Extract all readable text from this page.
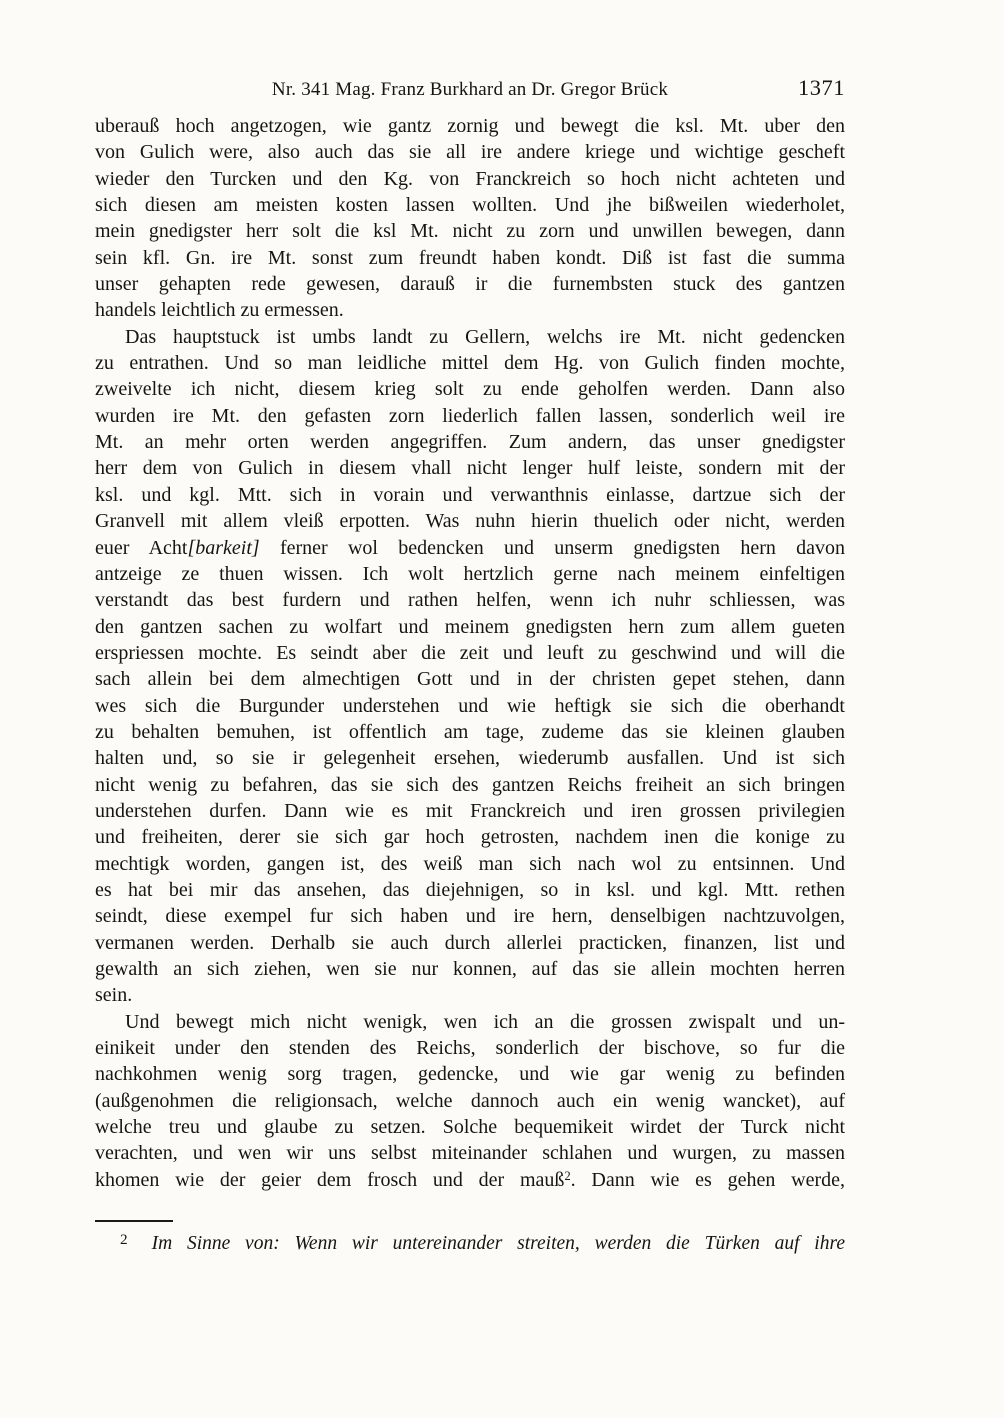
Nr. 341 Mag. Franz Burkhard an Dr. Gregor Brück	1371
uberauß hoch angetzogen, wie gantz zornig und bewegt die ksl. Mt. uber den
von Gulich were, also auch das sie all ire andere kriege und wichtige gescheft
wieder den Turcken und den Kg. von Franckreich so hoch nicht achteten und
sich diesen am meisten kosten lassen wollten. Und jhe bißweilen wiederholet,
mein gnedigster herr solt die ksl Mt. nicht zu zorn und unwillen bewegen, dann
sein kfl. Gn. ire Mt. sonst zum freundt haben kondt. Diß ist fast die summa
unser gehapten rede gewesen, darauß ir die furnembsten stuck des gantzen
handels leichtlich zu ermessen.
Das hauptstuck ist umbs landt zu Gellern, welchs ire Mt. nicht gedencken
zu entrathen. Und so man leidliche mittel dem Hg. von Gulich finden mochte,
zweivelte ich nicht, diesem krieg solt zu ende geholfen werden. Dann also
wurden ire Mt. den gefasten zorn liederlich fallen lassen, sonderlich weil ire
Mt. an mehr orten werden angegriffen. Zum andern, das unser gnedigster
herr dem von Gulich in diesem vhall nicht lenger hulf leiste, sondern mit der
ksl. und kgl. Mtt. sich in vorain und verwanthnis einlasse, dartzue sich der
Granvell mit allem vleiß erpotten. Was nuhn hierin thuelich oder nicht, werden
euer Acht[barkeit] ferner wol bedencken und unserm gnedigsten hern davon
antzeige ze thuen wissen. Ich wolt hertzlich gerne nach meinem einfeltigen
verstandt das best furdern und rathen helfen, wenn ich nuhr schliessen, was
den gantzen sachen zu wolfart und meinem gnedigsten hern zum allem gueten
erspriessen mochte. Es seindt aber die zeit und leuft zu geschwind und will die
sach allein bei dem almechtigen Gott und in der christen gepet stehen, dann
wes sich die Burgunder understehen und wie heftigk sie sich die oberhandt
zu behalten bemuhen, ist offentlich am tage, zudeme das sie kleinen glauben
halten und, so sie ir gelegenheit ersehen, wiederumb ausfallen. Und ist sich
nicht wenig zu befahren, das sie sich des gantzen Reichs freiheit an sich bringen
understehen durfen. Dann wie es mit Franckreich und iren grossen privilegien
und freiheiten, derer sie sich gar hoch getrosten, nachdem inen die konige zu
mechtigk worden, gangen ist, des weiß man sich nach wol zu entsinnen. Und
es hat bei mir das ansehen, das diejehnigen, so in ksl. und kgl. Mtt. rethen
seindt, diese exempel fur sich haben und ire hern, denselbigen nachtzuvolgen,
vermanen werden. Derhalb sie auch durch allerlei practicken, finanzen, list und
gewalth an sich ziehen, wen sie nur konnen, auf das sie allein mochten herren
sein.
Und bewegt mich nicht wenigk, wen ich an die grossen zwispalt und un-
einikeit under den stenden des Reichs, sonderlich der bischove, so fur die
nachkohmen wenig sorg tragen, gedencke, und wie gar wenig zu befinden
(außgenohmen die religionsach, welche dannoch auch ein wenig wancket), auf
welche treu und glaube zu setzen. Solche bequemikeit wirdet der Turck nicht
verachten, und wen wir uns selbst miteinander schlahen und wurgen, zu massen
khomen wie der geier dem frosch und der mauß$^2$. Dann wie es gehen werde,
2 Im Sinne von: Wenn wir untereinander streiten, werden die Türken auf ihre
